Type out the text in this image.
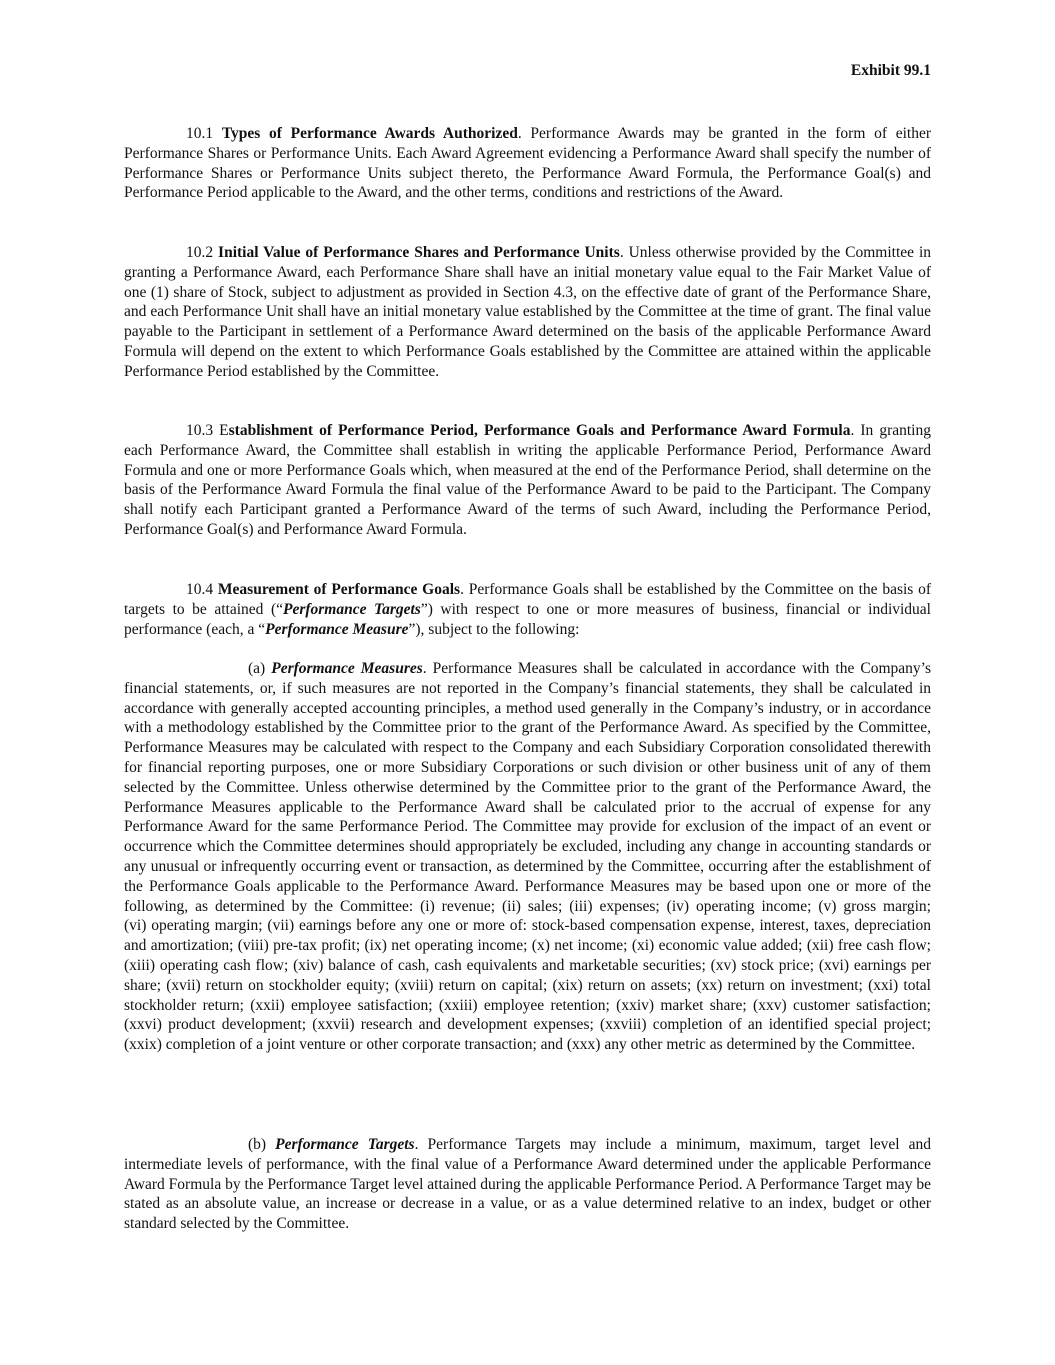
Exhibit 99.1

10.1 Types of Performance Awards Authorized. Performance Awards may be granted in the form of either Performance Shares or Performance Units. Each Award Agreement evidencing a Performance Award shall specify the number of Performance Shares or Performance Units subject thereto, the Performance Award Formula, the Performance Goal(s) and Performance Period applicable to the Award, and the other terms, conditions and restrictions of the Award.

10.2 Initial Value of Performance Shares and Performance Units. Unless otherwise provided by the Committee in granting a Performance Award, each Performance Share shall have an initial monetary value equal to the Fair Market Value of one (1) share of Stock, subject to adjustment as provided in Section 4.3, on the effective date of grant of the Performance Share, and each Performance Unit shall have an initial monetary value established by the Committee at the time of grant. The final value payable to the Participant in settlement of a Performance Award determined on the basis of the applicable Performance Award Formula will depend on the extent to which Performance Goals established by the Committee are attained within the applicable Performance Period established by the Committee.

10.3 Establishment of Performance Period, Performance Goals and Performance Award Formula. In granting each Performance Award, the Committee shall establish in writing the applicable Performance Period, Performance Award Formula and one or more Performance Goals which, when measured at the end of the Performance Period, shall determine on the basis of the Performance Award Formula the final value of the Performance Award to be paid to the Participant. The Company shall notify each Participant granted a Performance Award of the terms of such Award, including the Performance Period, Performance Goal(s) and Performance Award Formula.

10.4 Measurement of Performance Goals. Performance Goals shall be established by the Committee on the basis of targets to be attained (“Performance Targets”) with respect to one or more measures of business, financial or individual performance (each, a “Performance Measure”), subject to the following:

(a) Performance Measures. Performance Measures shall be calculated in accordance with the Company’s financial statements, or, if such measures are not reported in the Company’s financial statements, they shall be calculated in accordance with generally accepted accounting principles, a method used generally in the Company’s industry, or in accordance with a methodology established by the Committee prior to the grant of the Performance Award. As specified by the Committee, Performance Measures may be calculated with respect to the Company and each Subsidiary Corporation consolidated therewith for financial reporting purposes, one or more Subsidiary Corporations or such division or other business unit of any of them selected by the Committee. Unless otherwise determined by the Committee prior to the grant of the Performance Award, the Performance Measures applicable to the Performance Award shall be calculated prior to the accrual of expense for any Performance Award for the same Performance Period. The Committee may provide for exclusion of the impact of an event or occurrence which the Committee determines should appropriately be excluded, including any change in accounting standards or any unusual or infrequently occurring event or transaction, as determined by the Committee, occurring after the establishment of the Performance Goals applicable to the Performance Award. Performance Measures may be based upon one or more of the following, as determined by the Committee: (i) revenue; (ii) sales; (iii) expenses; (iv) operating income; (v) gross margin; (vi) operating margin; (vii) earnings before any one or more of: stock-based compensation expense, interest, taxes, depreciation and amortization; (viii) pre-tax profit; (ix) net operating income; (x) net income; (xi) economic value added; (xii) free cash flow; (xiii) operating cash flow; (xiv) balance of cash, cash equivalents and marketable securities; (xv) stock price; (xvi) earnings per share; (xvii) return on stockholder equity; (xviii) return on capital; (xix) return on assets; (xx) return on investment; (xxi) total stockholder return; (xxii) employee satisfaction; (xxiii) employee retention; (xxiv) market share; (xxv) customer satisfaction; (xxvi) product development; (xxvii) research and development expenses; (xxviii) completion of an identified special project; (xxix) completion of a joint venture or other corporate transaction; and (xxx) any other metric as determined by the Committee.

(b) Performance Targets. Performance Targets may include a minimum, maximum, target level and intermediate levels of performance, with the final value of a Performance Award determined under the applicable Performance Award Formula by the Performance Target level attained during the applicable Performance Period. A Performance Target may be stated as an absolute value, an increase or decrease in a value, or as a value determined relative to an index, budget or other standard selected by the Committee.
